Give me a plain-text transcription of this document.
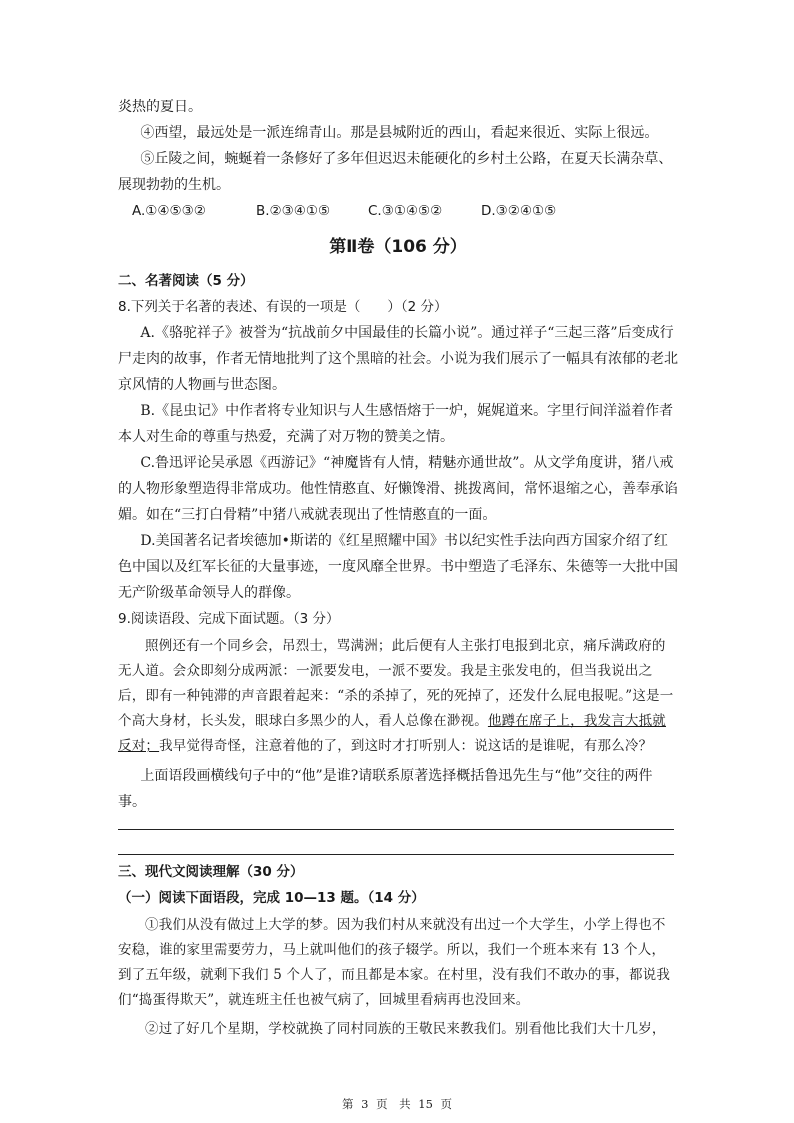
炎热的夏日。

④西望，最远处是一派连绵青山。那是县城附近的西山，看起来很近、实际上很远。

⑤丘陵之间，蜿蜒着一条修好了多年但迟迟未能硬化的乡村土公路，在夏天长满杂草、展现勃勃的生机。

A.①④⑤③②	B.②③④①⑤	C.③①④⑤②	D.③②④①⑤
第Ⅱ卷（106 分）

二、名著阅读（5 分）

8.下列关于名著的表述、有误的一项是（　　）（2 分）

A.《骆驼祥子》被誉为“抗战前夕中国最佳的长篇小说”。通过祥子“三起三落”后变成行尸走肉的故事，作者无情地批判了这个黑暗的社会。小说为我们展示了一幅具有浓郁的老北京风情的人物画与世态图。

B.《昆虫记》中作者将专业知识与人生感悟熔于一炉，娓娓道来。字里行间洋溢着作者本人对生命的尊重与热爱，充满了对万物的赞美之情。

C.鲁迅评论吴承恩《西游记》“神魔皆有人情，精魅亦通世故”。从文学角度讲，猪八戒的人物形象塑造得非常成功。他性情憨直、好懒馋滑、挑拨离间，常怀退缩之心，善奉承谄媚。如在“三打白骨精”中猪八戒就表现出了性情憨直的一面。

D.美国著名记者埃德加•斯诺的《红星照耀中国》书以纪实性手法向西方国家介绍了红色中国以及红军长征的大量事迹，一度风靡全世界。书中塑造了毛泽东、朱德等一大批中国无产阶级革命领导人的群像。

9.阅读语段、完成下面试题。（3 分）

照例还有一个同乡会，吊烈士，骂满洲；此后便有人主张打电报到北京，痛斥满政府的无人道。会众即刻分成两派：一派要发电，一派不要发。我是主张发电的，但当我说出之后，即有一种钝滞的声音跟着起来：“杀的杀掉了，死的死掉了，还发什么屁电报呢。”这是一个高大身材，长头发，眼球白多黑少的人，看人总像在渺视。他蹲在席子上，我发言大抵就反对；我早觉得奇怪，注意着他的了，到这时才打听别人：说这话的是谁呢，有那么冷？

上面语段画横线句子中的“他”是谁?请联系原著选择概括鲁迅先生与“他”交往的两件事。

三、现代文阅读理解（30 分）

（一）阅读下面语段，完成 10—13 题。（14 分）

①我们从没有做过上大学的梦。因为我们村从来就没有出过一个大学生，小学上得也不安稳，谁的家里需要劳力，马上就叫他们的孩子辍学。所以，我们一个班本来有 13 个人，到了五年级，就剩下我们 5 个人了，而且都是本家。在村里，没有我们不敢办的事，都说我们“捣蛋得欺天”，就连班主任也被气病了，回城里看病再也没回来。

②过了好几个星期，学校就换了同村同族的王敬民来教我们。别看他比我们大十几岁，

第 3 页　共 15 页
